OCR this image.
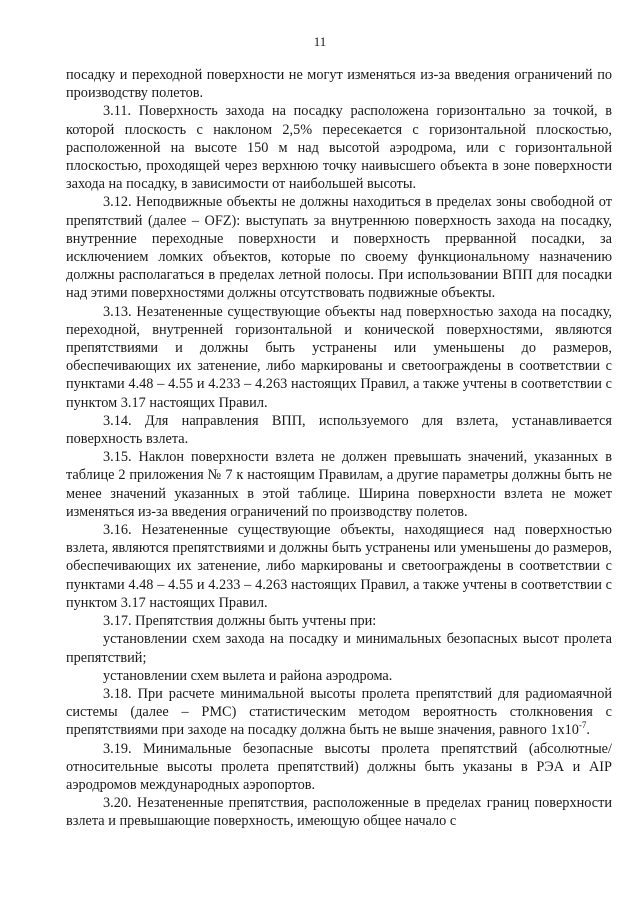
11

посадку и переходной поверхности не могут изменяться из-за введения ограничений по производству полетов.

3.11. Поверхность захода на посадку расположена горизонтально за точкой, в которой плоскость с наклоном 2,5% пересекается с горизонтальной плоскостью, расположенной на высоте 150 м над высотой аэродрома, или с горизонтальной плоскостью, проходящей через верхнюю точку наивысшего объекта в зоне поверхности захода на посадку, в зависимости от наибольшей высоты.

3.12. Неподвижные объекты не должны находиться в пределах зоны свободной от препятствий (далее – OFZ): выступать за внутреннюю поверхность захода на посадку, внутренние переходные поверхности и поверхность прерванной посадки, за исключением ломких объектов, которые по своему функциональному назначению должны располагаться в пределах летной полосы. При использовании ВПП для посадки над этими поверхностями должны отсутствовать подвижные объекты.

3.13. Незатененные существующие объекты над поверхностью захода на посадку, переходной, внутренней горизонтальной и конической поверхностями, являются препятствиями и должны быть устранены или уменьшены до размеров, обеспечивающих их затенение, либо маркированы и светоограждены в соответствии с пунктами 4.48 – 4.55 и 4.233 – 4.263 настоящих Правил, а также учтены в соответствии с пунктом 3.17 настоящих Правил.

3.14. Для направления ВПП, используемого для взлета, устанавливается поверхность взлета.

3.15. Наклон поверхности взлета не должен превышать значений, указанных в таблице 2 приложения № 7 к настоящим Правилам, а другие параметры должны быть не менее значений указанных в этой таблице. Ширина поверхности взлета не может изменяться из-за введения ограничений по производству полетов.

3.16. Незатененные существующие объекты, находящиеся над поверхностью взлета, являются препятствиями и должны быть устранены или уменьшены до размеров, обеспечивающих их затенение, либо маркированы и светоограждены в соответствии с пунктами 4.48 – 4.55 и 4.233 – 4.263 настоящих Правил, а также учтены в соответствии с пунктом 3.17 настоящих Правил.

3.17. Препятствия должны быть учтены при:

установлении схем захода на посадку и минимальных безопасных высот пролета препятствий;

установлении схем вылета и района аэродрома.

3.18. При расчете минимальной высоты пролета препятствий для радиомаячной системы (далее – РМС) статистическим методом вероятность столкновения с препятствиями при заходе на посадку должна быть не выше значения, равного $1x10^{-7}$.

3.19. Минимальные безопасные высоты пролета препятствий (абсолютные/относительные высоты пролета препятствий) должны быть указаны в РЭА и AIP аэродромов международных аэропортов.

3.20. Незатененные препятствия, расположенные в пределах границ поверхности взлета и превышающие поверхность, имеющую общее начало с
